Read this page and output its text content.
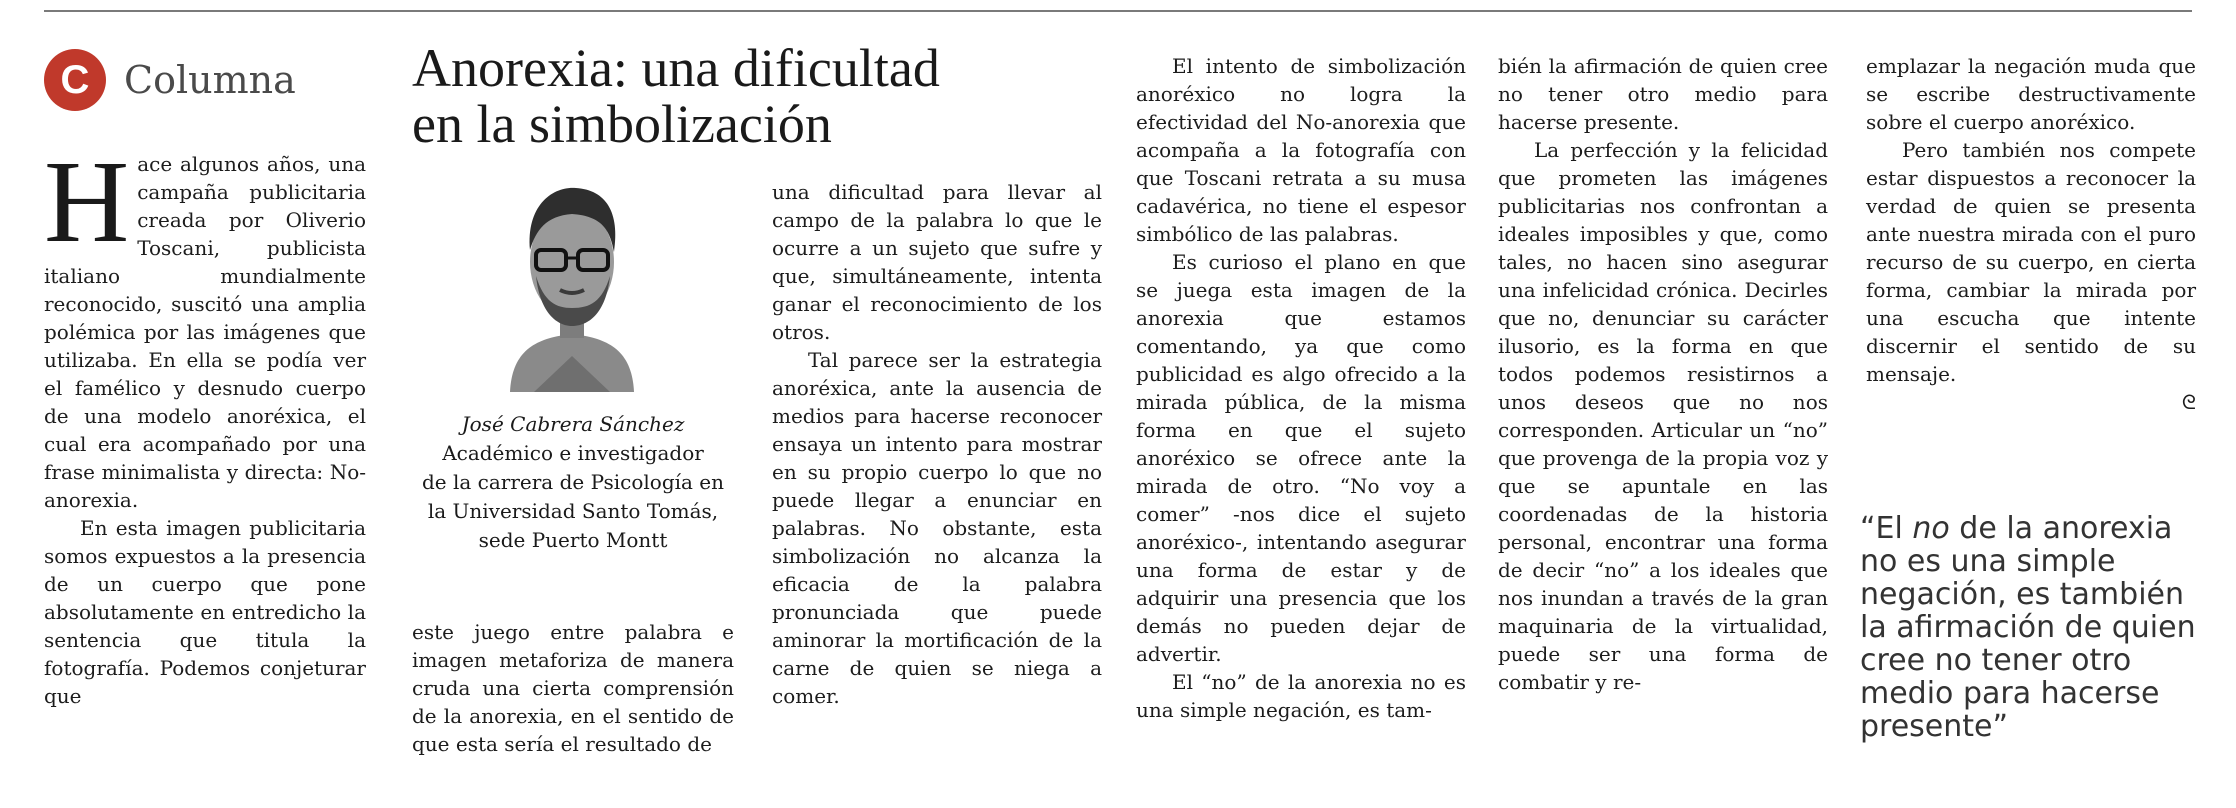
C Columna Anorexia: una dificultad
en la simbolización

Hace algunos años, una campaña publicitaria creada por Oliverio Toscani, publicista italiano mundialmente reconocido, suscitó una amplia polémica por las imágenes que utilizaba. En ella se podía ver el famélico y desnudo cuerpo de una modelo anoréxica, el cual era acompañado por una frase minimalista y directa: No-anorexia.

En esta imagen publicitaria somos expuestos a la presencia de un cuerpo que pone absolutamente en entredicho la sentencia que titula la fotografía. Podemos conjeturar que

José Cabrera Sánchez
Académico e investigador
de la carrera de Psicología en
la Universidad Santo Tomás,
sede Puerto Montt

este juego entre palabra e imagen metaforiza de manera cruda una cierta comprensión de la anorexia, en el sentido de que esta sería el resultado de

una dificultad para llevar al campo de la palabra lo que le ocurre a un sujeto que sufre y que, simultáneamente, intenta ganar el reconocimiento de los otros.

Tal parece ser la estrategia anoréxica, ante la ausencia de medios para hacerse reconocer ensaya un intento para mostrar en su propio cuerpo lo que no puede llegar a enunciar en palabras. No obstante, esta simbolización no alcanza la eficacia de la palabra pronunciada que puede aminorar la mortificación de la carne de quien se niega a comer.

El intento de simbolización anoréxico no logra la efectividad del No-anorexia que acompaña a la fotografía con que Toscani retrata a su musa cadavérica, no tiene el espesor simbólico de las palabras.

Es curioso el plano en que se juega esta imagen de la anorexia que estamos comentando, ya que como publicidad es algo ofrecido a la mirada pública, de la misma forma en que el sujeto anoréxico se ofrece ante la mirada de otro. “No voy a comer” -nos dice el sujeto anoréxico-, intentando asegurar una forma de estar y de adquirir una presencia que los demás no pueden dejar de advertir.

El “no” de la anorexia no es una simple negación, es tam-

bién la afirmación de quien cree no tener otro medio para hacerse presente.

La perfección y la felicidad que prometen las imágenes publicitarias nos confrontan a ideales imposibles y que, como tales, no hacen sino asegurar una infelicidad crónica. Decirles que no, denunciar su carácter ilusorio, es la forma en que todos podemos resistirnos a unos deseos que no nos corresponden. Articular un “no” que provenga de la propia voz y que se apuntale en las coordenadas de la historia personal, encontrar una forma de decir “no” a los ideales que nos inundan a través de la gran maquinaria de la virtualidad, puede ser una forma de combatir y re-

emplazar la negación muda que se escribe destructivamente sobre el cuerpo anoréxico.

Pero también nos compete estar dispuestos a reconocer la verdad de quien se presenta ante nuestra mirada con el puro recurso de su cuerpo, en cierta forma, cambiar la mirada por una escucha que intente discernir el sentido de su mensaje.

ᘓ

“El no de la anorexia no es una simple negación, es también la afirmación de quien cree no tener otro medio para hacerse presente”
